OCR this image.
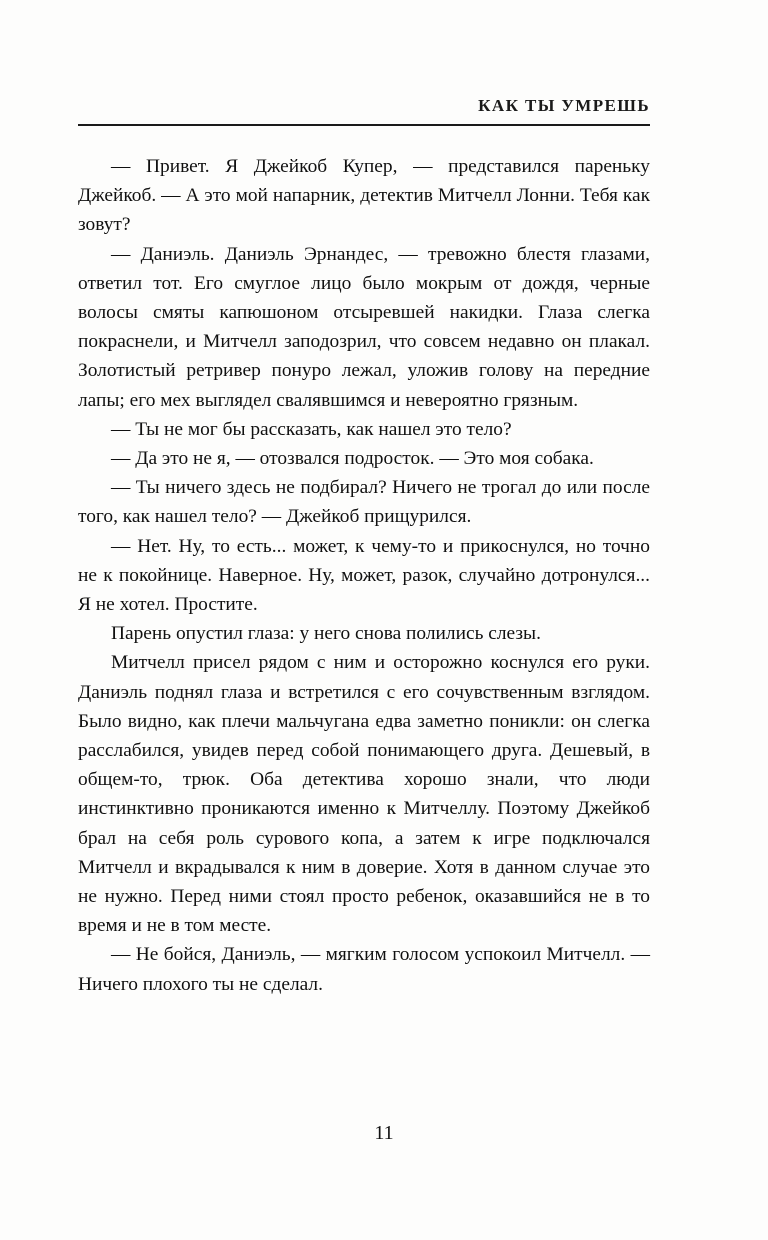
КАК ТЫ УМРЕШЬ

— Привет. Я Джейкоб Купер, — представился пареньку Джейкоб. — А это мой напарник, детектив Митчелл Лонни. Тебя как зовут?

— Даниэль. Даниэль Эрнандес, — тревожно блестя глазами, ответил тот. Его смуглое лицо было мокрым от дождя, черные волосы смяты капюшоном отсыревшей накидки. Глаза слегка покраснели, и Митчелл заподозрил, что совсем недавно он плакал. Золотистый ретривер понуро лежал, уложив голову на передние лапы; его мех выглядел свалявшимся и невероятно грязным.

— Ты не мог бы рассказать, как нашел это тело?

— Да это не я, — отозвался подросток. — Это моя собака.

— Ты ничего здесь не подбирал? Ничего не трогал до или после того, как нашел тело? — Джейкоб прищурился.

— Нет. Ну, то есть... может, к чему-то и прикоснулся, но точно не к покойнице. Наверное. Ну, может, разок, случайно дотронулся... Я не хотел. Простите.

Парень опустил глаза: у него снова полились слезы.

Митчелл присел рядом с ним и осторожно коснулся его руки. Даниэль поднял глаза и встретился с его сочувственным взглядом. Было видно, как плечи мальчугана едва заметно поникли: он слегка расслабился, увидев перед собой понимающего друга. Дешевый, в общем-то, трюк. Оба детектива хорошо знали, что люди инстинктивно проникаются именно к Митчеллу. Поэтому Джейкоб брал на себя роль сурового копа, а затем к игре подключался Митчелл и вкрадывался к ним в доверие. Хотя в данном случае это не нужно. Перед ними стоял просто ребенок, оказавшийся не в то время и не в том месте.

— Не бойся, Даниэль, — мягким голосом успокоил Митчелл. — Ничего плохого ты не сделал.

11
